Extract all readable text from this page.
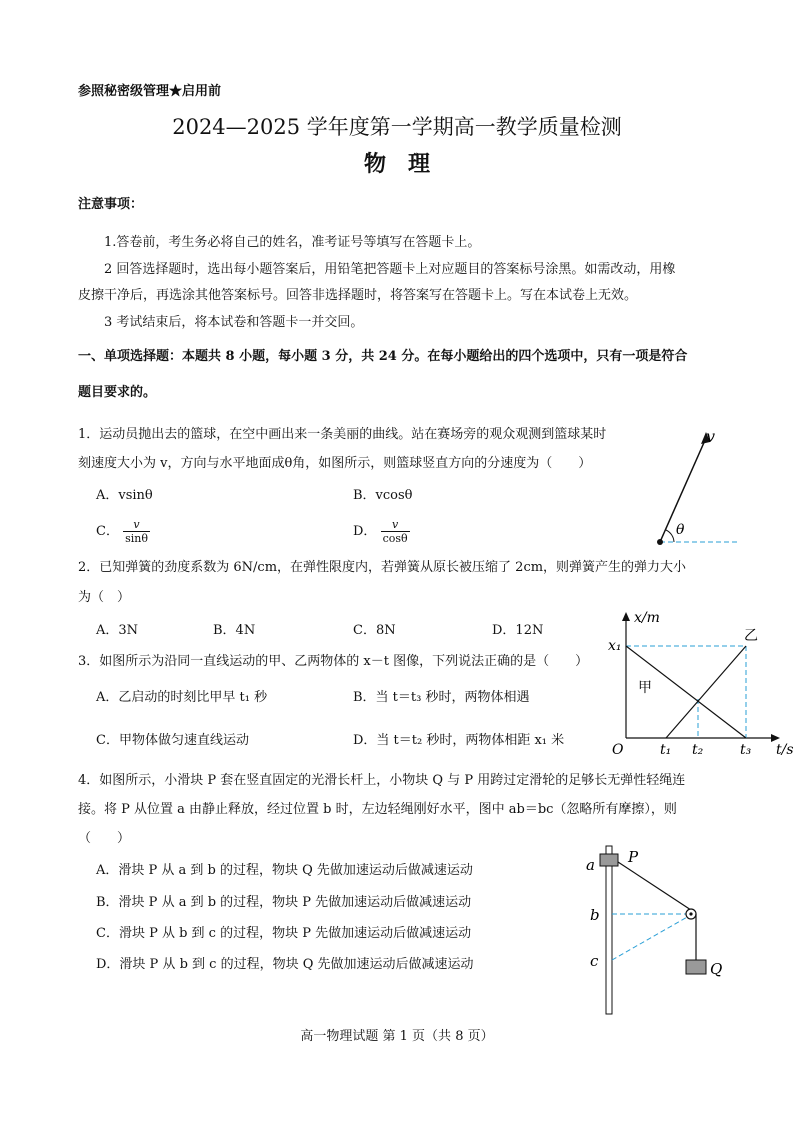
参照秘密级管理★启用前
2024—2025 学年度第一学期高一教学质量检测
物　理
注意事项：
1.答卷前，考生务必将自己的姓名，准考证号等填写在答题卡上。
2 回答选择题时，选出每小题答案后，用铅笔把答题卡上对应题目的答案标号涂黑。如需改动，用橡
皮擦干净后，再选涂其他答案标号。回答非选择题时，将答案写在答题卡上。写在本试卷上无效。
3 考试结束后，将本试卷和答题卡一并交回。
一、单项选择题：本题共 8 小题，每小题 3 分，共 24 分。在每小题给出的四个选项中，只有一项是符合
题目要求的。
1．运动员抛出去的篮球，在空中画出来一条美丽的曲线。站在赛场旁的观众观测到篮球某时
刻速度大小为 v，方向与水平地面成θ角，如图所示，则篮球竖直方向的分速度为（　　）
A．vsinθ	B．vcosθ
C． $\frac{v}{\sin\theta}$	D． $\frac{v}{\cos\theta}$
v
θ
2．已知弹簧的劲度系数为 6N/cm，在弹性限度内，若弹簧从原长被压缩了 2cm，则弹簧产生的弹力大小
为（　）
A．3N	B．4N	C．8N	D．12N
3．如图所示为沿同一直线运动的甲、乙两物体的 x－t 图像，下列说法正确的是（　　）
A．乙启动的时刻比甲早 t₁ 秒	B．当 t＝t₃ 秒时，两物体相遇
C．甲物体做匀速直线运动	D．当 t＝t₂ 秒时，两物体相距 x₁ 米
x/m
t/s
O
x₁
t₁ t₂	t₃
甲
乙
4．如图所示，小滑块 P 套在竖直固定的光滑长杆上，小物块 Q 与 P 用跨过定滑轮的足够长无弹性轻绳连
接。将 P 从位置 a 由静止释放，经过位置 b 时，左边轻绳刚好水平，图中 ab＝bc（忽略所有摩擦），则
（　　）
A．滑块 P 从 a 到 b 的过程，物块 Q 先做加速运动后做减速运动
B．滑块 P 从 a 到 b 的过程，物块 P 先做加速运动后做减速运动
C．滑块 P 从 b 到 c 的过程，物块 P 先做加速运动后做减速运动
D．滑块 P 从 b 到 c 的过程，物块 Q 先做加速运动后做减速运动
a P
b
c	Q
高一物理试题 第 1 页（共 8 页）
